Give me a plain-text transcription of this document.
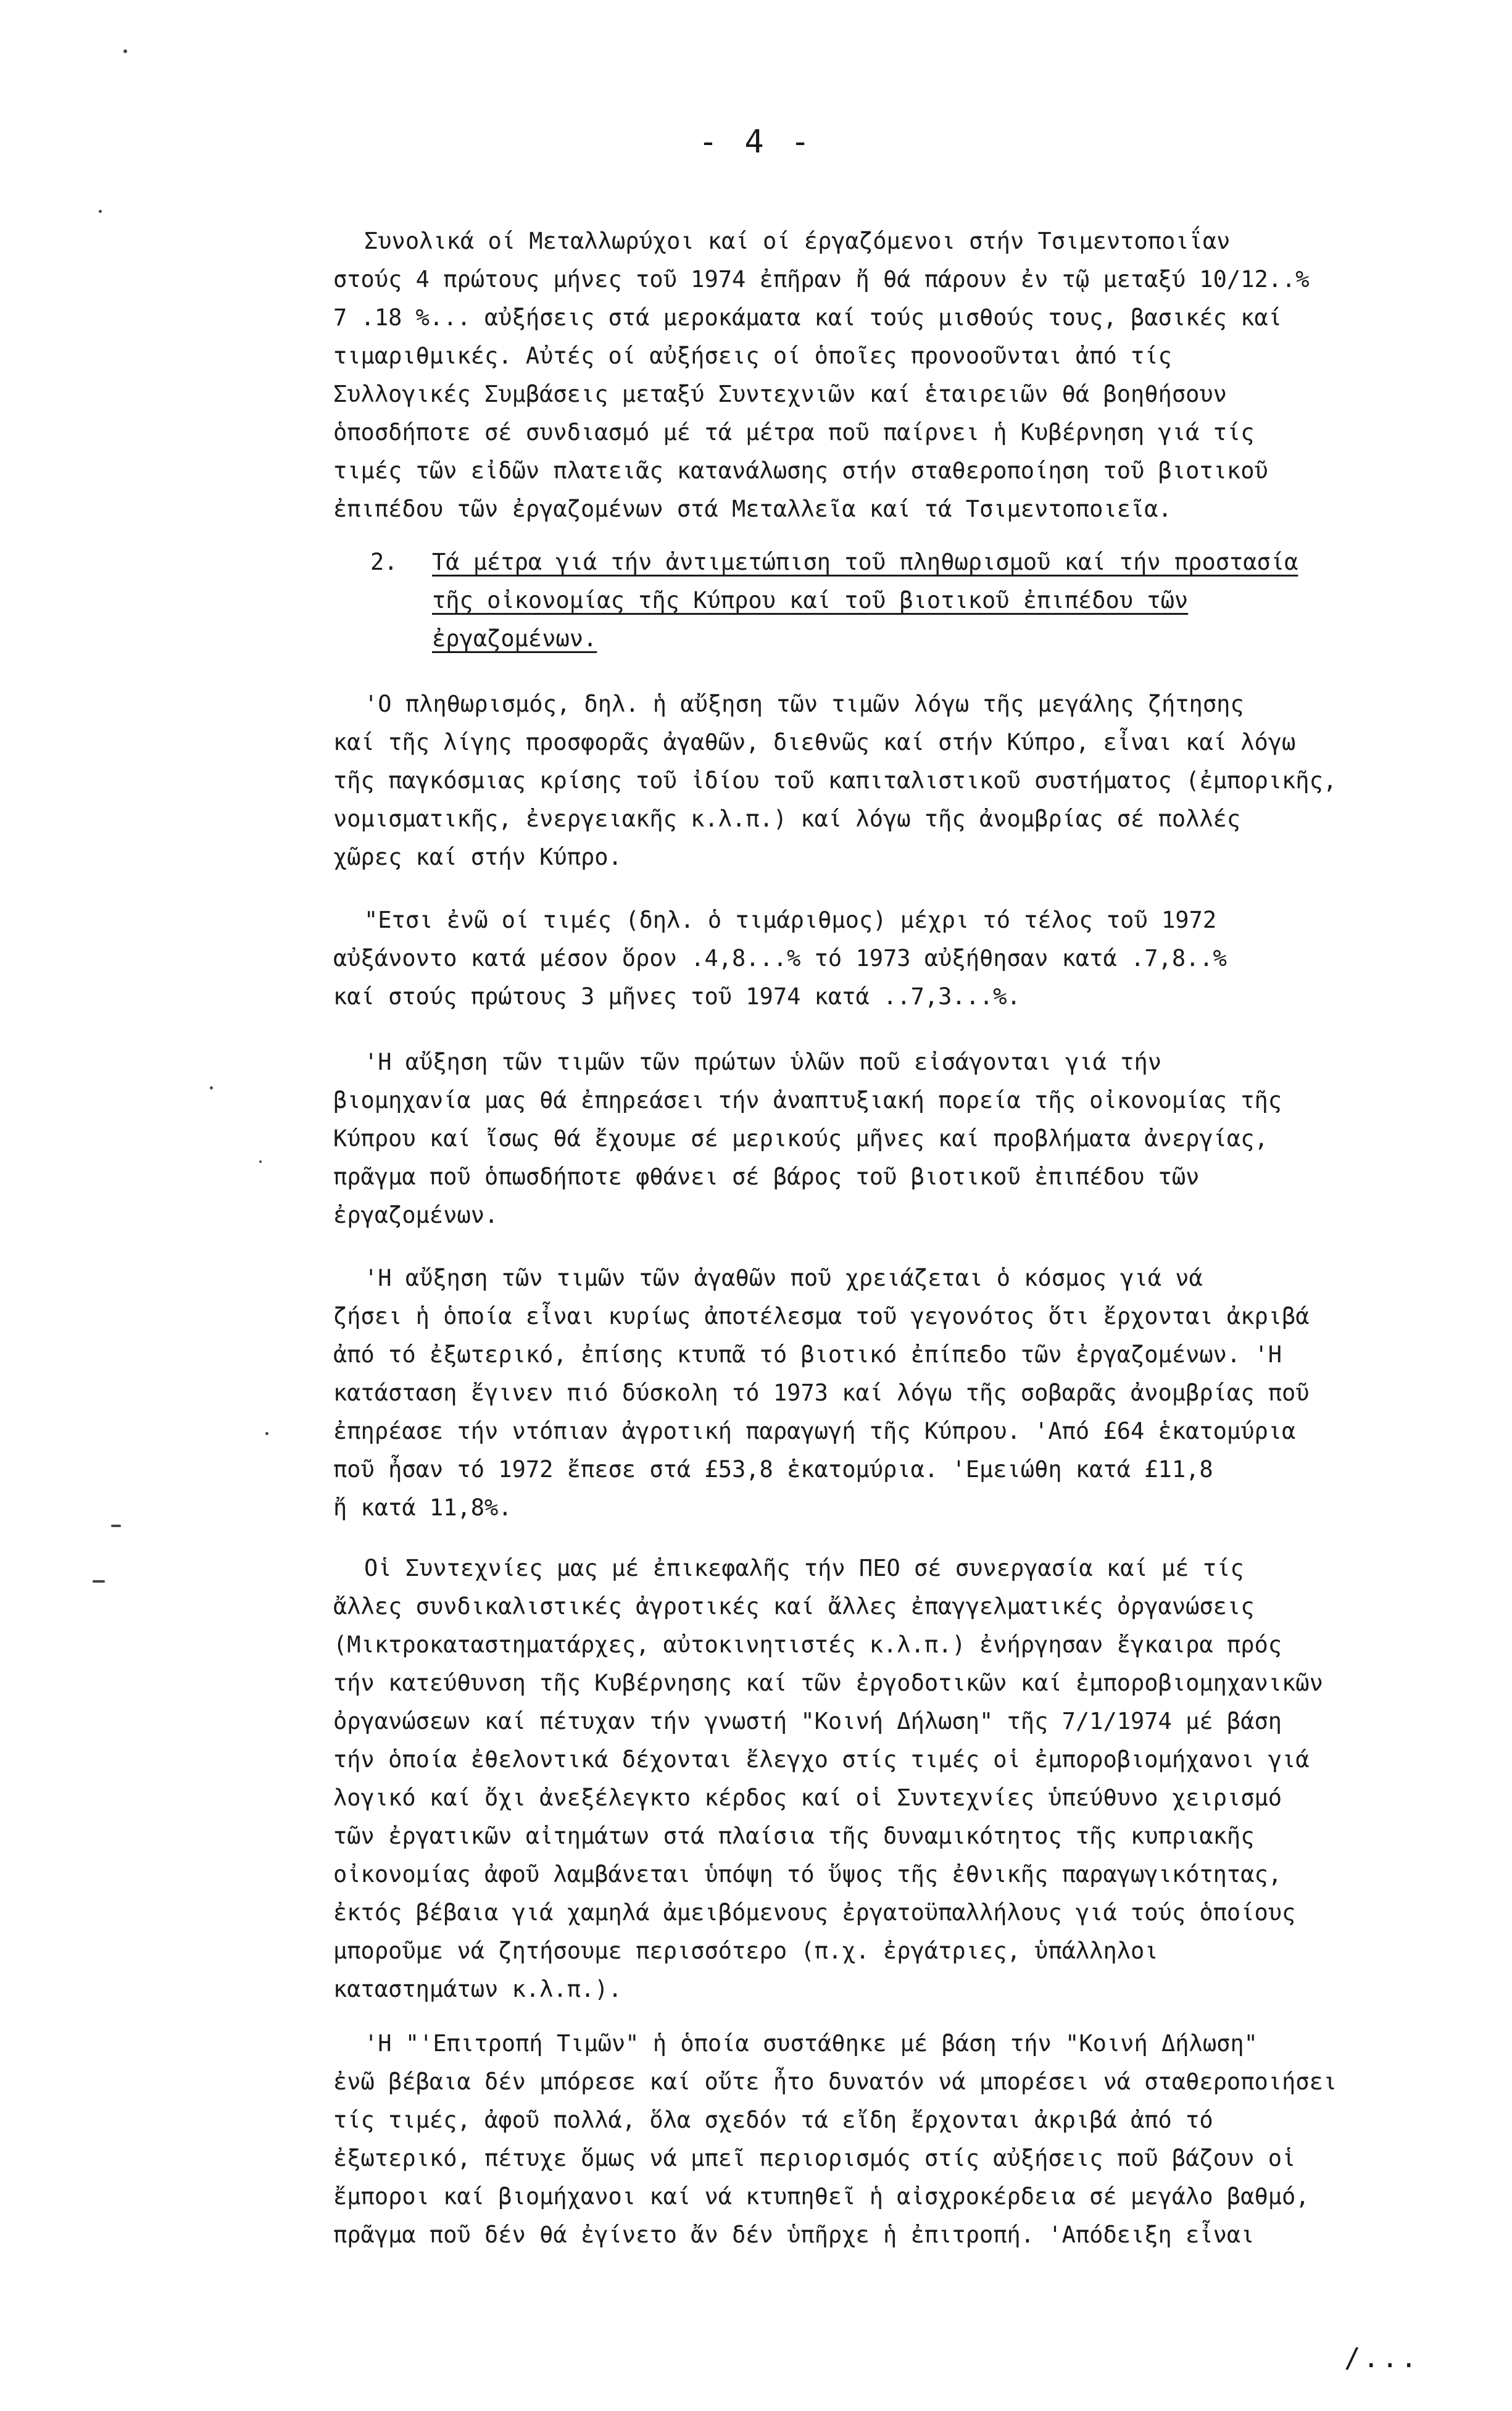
- 4 -
Συνολικά οί Μεταλλωρύχοι καί οί έργαζόμενοι στήν Τσιμεντοποιΐαν
στούς 4 πρώτους μήνες τοῦ 1974 ἐπῆραν ἤ θά πάρουν ἐν τῷ μεταξύ 10/12..%
7 .18 %... αὐξήσεις στά μεροκάματα καί τούς μισθούς τους, βασικές καί
τιμαριθμικές. Αὐτές οί αὐξήσεις οί ὁποῖες προνοοῦνται ἀπό τίς
Συλλογικές Συμβάσεις μεταξύ Συντεχνιῶν καί ἑταιρειῶν θά βοηθήσουν
ὁποσδήποτε σέ συνδιασμό μέ τά μέτρα ποῦ παίρνει ἡ Κυβέρνηση γιά τίς
τιμές τῶν εἰδῶν πλατειᾶς κατανάλωσης στήν σταθεροποίηση τοῦ βιοτικοῦ
ἐπιπέδου τῶν ἐργαζομένων στά Μεταλλεῖα καί τά Τσιμεντοποιεῖα.
2. Τά μέτρα γιά τήν ἀντιμετώπιση τοῦ πληθωρισμοῦ καί τήν προστασία
τῆς οἰκονομίας τῆς Κύπρου καί τοῦ βιοτικοῦ ἐπιπέδου τῶν
ἐργαζομένων.
'Ο πληθωρισμός, δηλ. ἡ αὔξηση τῶν τιμῶν λόγω τῆς μεγάλης ζήτησης
καί τῆς λίγης προσφορᾶς ἀγαθῶν, διεθνῶς καί στήν Κύπρο, εἶναι καί λόγω
τῆς παγκόσμιας κρίσης τοῦ ἰδίου τοῦ καπιταλιστικοῦ συστήματος (ἐμπορικῆς,
νομισματικῆς, ἐνεργειακῆς κ.λ.π.) καί λόγω τῆς ἀνομβρίας σέ πολλές
χῶρες καί στήν Κύπρο.
"Ετσι ἐνῶ οί τιμές (δηλ. ὁ τιμάριθμος) μέχρι τό τέλος τοῦ 1972
αὐξάνοντο κατά μέσον ὅρον .4,8...% τό 1973 αὐξήθησαν κατά .7,8..%
καί στούς πρώτους 3 μῆνες τοῦ 1974 κατά ..7,3...%.
'Η αὔξηση τῶν τιμῶν τῶν πρώτων ὑλῶν ποῦ εἰσάγονται γιά τήν
βιομηχανία μας θά ἐπηρεάσει τήν ἀναπτυξιακή πορεία τῆς οἰκονομίας τῆς
Κύπρου καί ἴσως θά ἔχουμε σέ μερικούς μῆνες καί προβλήματα ἀνεργίας,
πρᾶγμα ποῦ ὁπωσδήποτε φθάνει σέ βάρος τοῦ βιοτικοῦ ἐπιπέδου τῶν
ἐργαζομένων.
'Η αὔξηση τῶν τιμῶν τῶν ἀγαθῶν ποῦ χρειάζεται ὁ κόσμος γιά νά
ζήσει ἡ ὁποία εἶναι κυρίως ἀποτέλεσμα τοῦ γεγονότος ὅτι ἔρχονται ἀκριβά
ἀπό τό ἐξωτερικό, ἐπίσης κτυπᾶ τό βιοτικό ἐπίπεδο τῶν ἐργαζομένων. 'Η
κατάσταση ἔγινεν πιό δύσκολη τό 1973 καί λόγω τῆς σοβαρᾶς ἀνομβρίας ποῦ
ἐπηρέασε τήν ντόπιαν ἀγροτική παραγωγή τῆς Κύπρου. 'Από £64 ἑκατομύρια
ποῦ ἦσαν τό 1972 ἔπεσε στά £53,8 ἑκατομύρια. 'Εμειώθη κατά £11,8
ἤ κατά 11,8%.
Οἱ Συντεχνίες μας μέ ἐπικεφαλῆς τήν ΠΕΟ σέ συνεργασία καί μέ τίς
ἄλλες συνδικαλιστικές ἀγροτικές καί ἄλλες ἐπαγγελματικές ὀργανώσεις
(Μικτροκαταστηματάρχες, αὐτοκινητιστές κ.λ.π.) ἐνήργησαν ἔγκαιρα πρός
τήν κατεύθυνση τῆς Κυβέρνησης καί τῶν ἐργοδοτικῶν καί ἐμποροβιομηχανικῶν
ὀργανώσεων καί πέτυχαν τήν γνωστή "Κοινή Δήλωση" τῆς 7/1/1974 μέ βάση
τήν ὁποία ἐθελοντικά δέχονται ἔλεγχο στίς τιμές οἱ ἐμποροβιομήχανοι γιά
λογικό καί ὄχι ἀνεξέλεγκτο κέρδος καί οἱ Συντεχνίες ὑπεύθυνο χειρισμό
τῶν ἐργατικῶν αἰτημάτων στά πλαίσια τῆς δυναμικότητος τῆς κυπριακῆς
οἰκονομίας ἀφοῦ λαμβάνεται ὑπόψη τό ὕψος τῆς ἐθνικῆς παραγωγικότητας,
ἐκτός βέβαια γιά χαμηλά ἀμειβόμενους ἐργατοϋπαλλήλους γιά τούς ὁποίους
μποροῦμε νά ζητήσουμε περισσότερο (π.χ. ἐργάτριες, ὑπάλληλοι
καταστημάτων κ.λ.π.).
'Η "'Επιτροπή Τιμῶν" ἡ ὁποία συστάθηκε μέ βάση τήν "Κοινή Δήλωση"
ἐνῶ βέβαια δέν μπόρεσε καί οὔτε ἦτο δυνατόν νά μπορέσει νά σταθεροποιήσει
τίς τιμές, ἀφοῦ πολλά, ὅλα σχεδόν τά εἴδη ἔρχονται ἀκριβά ἀπό τό
ἐξωτερικό, πέτυχε ὅμως νά μπεῖ περιορισμός στίς αὐξήσεις ποῦ βάζουν οἱ
ἔμποροι καί βιομήχανοι καί νά κτυπηθεῖ ἡ αἰσχροκέρδεια σέ μεγάλο βαθμό,
πρᾶγμα ποῦ δέν θά ἐγίνετο ἄν δέν ὑπῆρχε ἡ ἐπιτροπή. 'Απόδειξη εἶναι
/...
